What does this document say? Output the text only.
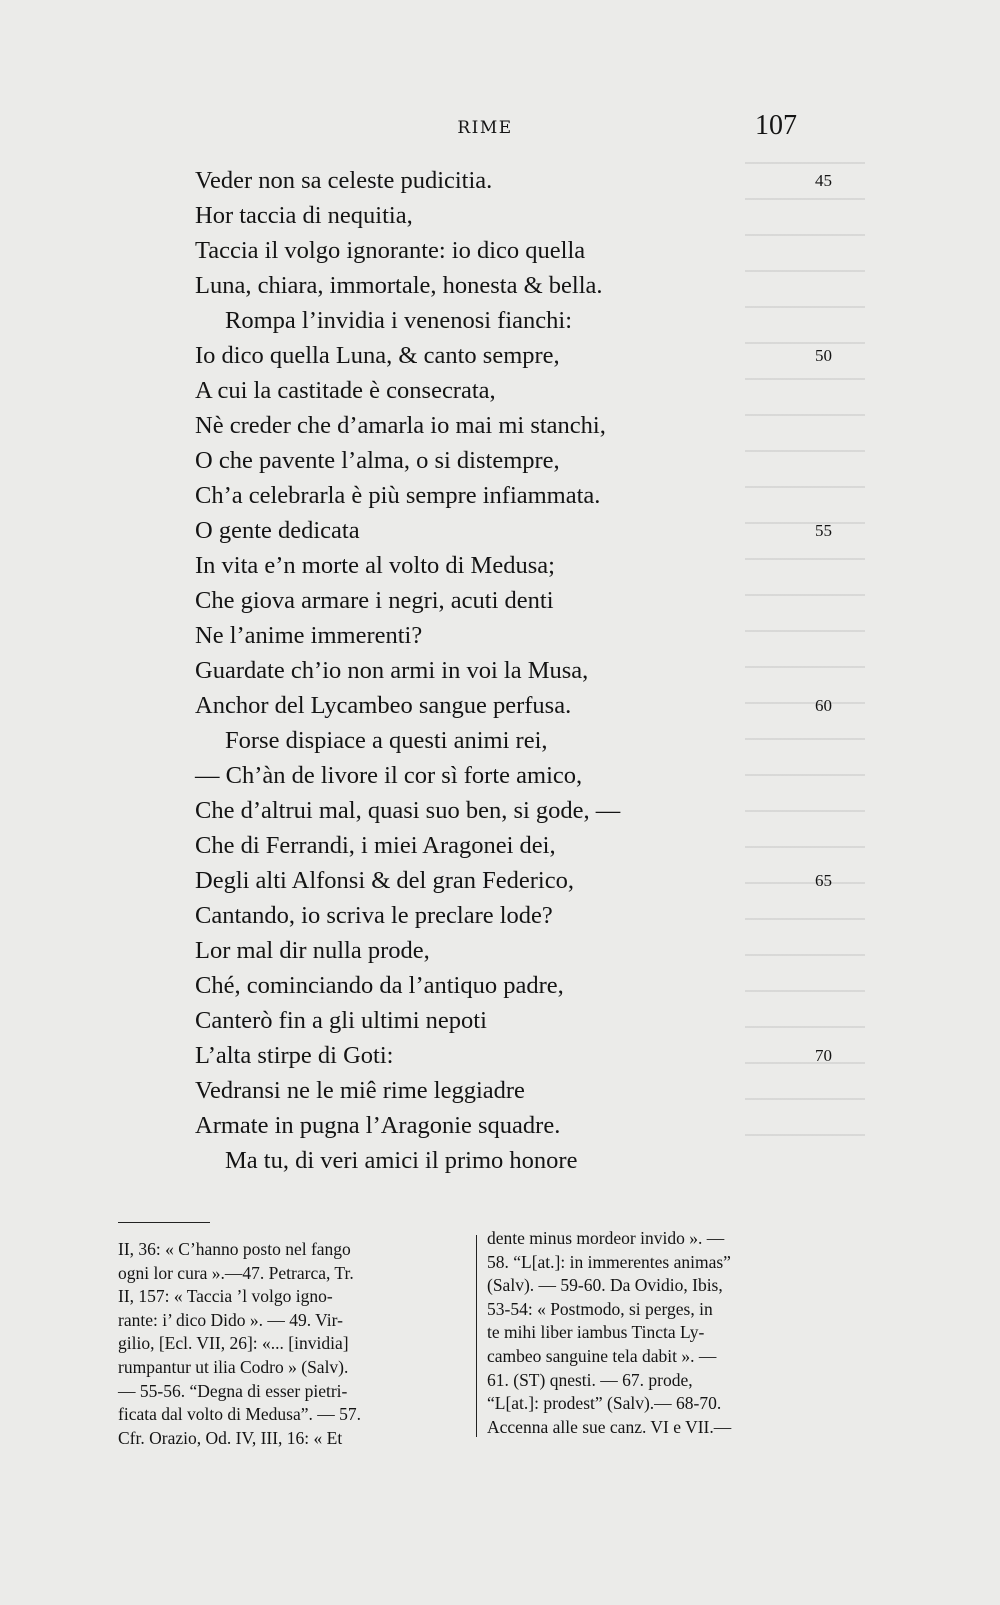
RIME	107
Veder non sa celeste pudicitia.	45
Hor taccia di nequitia,
Taccia il volgo ignorante: io dico quella
Luna, chiara, immortale, honesta & bella.
Rompa l’invidia i venenosi fianchi:
Io dico quella Luna, & canto sempre,	50
A cui la castitade è consecrata,
Nè creder che d’amarla io mai mi stanchi,
O che pavente l’alma, o si distempre,
Ch’a celebrarla è più sempre infiammata.
O gente dedicata	55
In vita e’n morte al volto di Medusa;
Che giova armare i negri, acuti denti
Ne l’anime immerenti?
Guardate ch’io non armi in voi la Musa,
Anchor del Lycambeo sangue perfusa.	60
Forse dispiace a questi animi rei,
— Ch’àn de livore il cor sì forte amico,
Che d’altrui mal, quasi suo ben, si gode, —
Che di Ferrandi, i miei Aragonei dei,
Degli alti Alfonsi & del gran Federico,	65
Cantando, io scriva le preclare lode?
Lor mal dir nulla prode,
Ché, cominciando da l’antiquo padre,
Canterò fin a gli ultimi nepoti
L’alta stirpe di Goti:	70
Vedransi ne le miê rime leggiadre
Armate in pugna l’Aragonie squadre.
Ma tu, di veri amici il primo honore
II, 36: « C’hanno posto nel fango
ogni lor cura ».—47. Petrarca, Tr.
II, 157: « Taccia ’l volgo igno-
rante: i’ dico Dido ». — 49. Vir-
gilio, [Ecl. VII, 26]: «... [invidia]
rumpantur ut ilia Codro » (Salv).
— 55-56. “Degna di esser pietri-
ficata dal volto di Medusa”. — 57.
Cfr. Orazio, Od. IV, III, 16: « Et
dente minus mordeor invido ». —
58. “L[at.]: in immerentes animas”
(Salv). — 59-60. Da Ovidio, Ibis,
53-54: « Postmodo, si perges, in
te mihi liber iambus Tincta Ly-
cambeo sanguine tela dabit ». —
61. (ST) qnesti. — 67. prode,
“L[at.]: prodest” (Salv).— 68-70.
Accenna alle sue canz. VI e VII.—
